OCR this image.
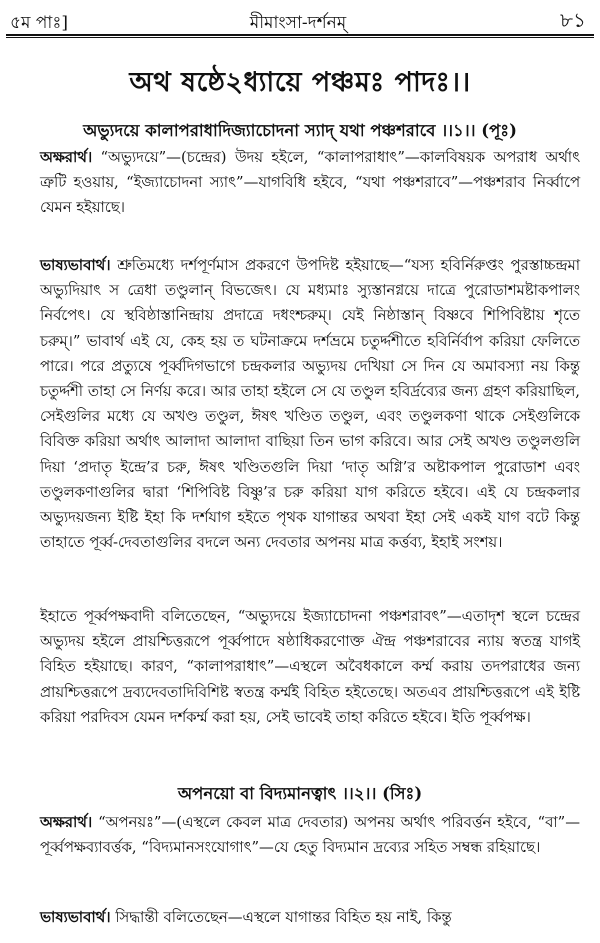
৫ম পাঃ]	মীমাংসা-দর্শনম্	৮১
অথ ষষ্ঠে২ধ্যায়ে পঞ্চমঃ পাদঃ।।
অভ্যুদয়ে কালাপরাধাদিজ্যাচোদনা স্যাদ্ যথা পঞ্চশরাবে ।।১।। (পূঃ)
অক্ষরার্থ। “অভ্যুদয়ে”—(চন্দ্রের) উদয় হইলে, “কালাপরাধাৎ”—কালবিষয়ক অপরাধ অর্থাৎ ত্রুটি হওয়ায়, “ইজ্যাচোদনা স্যাৎ”—যাগবিধি হইবে, “যথা পঞ্চশরাবে”—পঞ্চশরাব নির্ব্বাপে যেমন হইয়াছে।
ভাষ্যভাবার্থ। শ্রুতিমধ্যে দর্শপূর্ণমাস প্রকরণে উপদিষ্ট হইয়াছে—“যস্য হবির্নিরুপ্তং পুরস্তাচ্চন্দ্রমা অভ্যুদিয়াৎ স ত্রেধা তণ্ডুলান্ বিভজেৎ। যে মধ্যমাঃ স্যুস্তানগ্নয়ে দাত্রে পুরোডাশমষ্টাকপালং নির্বপেৎ। যে স্থবিষ্ঠাস্তানিন্দ্রায় প্রদাত্রে দধংশ্চরুম্। যেই নিষ্ঠাস্তান্ বিষ্ণবে শিপিবিষ্টায় শৃতে চরুম্।” ভাবার্থ এই যে, কেহ হয় ত ঘটনাক্রমে দর্শভ্রমে চতুর্দ্দশীতে হবির্নির্বাপ করিয়া ফেলিতে পারে। পরে প্রত্যুষে পূর্ব্বদিগভাগে চন্দ্রকলার অভ্যুদয় দেখিয়া সে দিন যে অমাবস্যা নয় কিন্তু চতুর্দ্দশী তাহা সে নির্ণয় করে। আর তাহা হইলে সে যে তণ্ডুল হবির্দ্রব্যের জন্য গ্রহণ করিয়াছিল, সেইগুলির মধ্যে যে অখণ্ড তণ্ডুল, ঈষৎ খণ্ডিত তণ্ডুল, এবং তণ্ডুলকণা থাকে সেইগুলিকে বিবিক্ত করিয়া অর্থাৎ আলাদা আলাদা বাছিয়া তিন ভাগ করিবে। আর সেই অখণ্ড তণ্ডুলগুলি দিয়া ‘প্রদাতৃ ইন্দ্রে’র চরু, ঈষৎ খণ্ডিতগুলি দিয়া ‘দাতৃ অগ্নি’র অষ্টাকপাল পুরোডাশ এবং তণ্ডুলকণাগুলির দ্বারা ‘শিপিবিষ্ট বিষ্ণু’র চরু করিয়া যাগ করিতে হইবে। এই যে চন্দ্রকলার অভ্যুদয়জন্য ইষ্টি ইহা কি দর্শযাগ হইতে পৃথক যাগান্তর অথবা ইহা সেই একই যাগ বটে কিন্তু তাহাতে পূর্ব্ব-দেবতাগুলির বদলে অন্য দেবতার অপনয় মাত্র কর্ত্তব্য, ইহাই সংশয়।
ইহাতে পূর্ব্বপক্ষবাদী বলিতেছেন, “অভ্যুদয়ে ইজ্যাচোদনা পঞ্চশরাবৎ”—এতাদৃশ স্থলে চন্দ্রের অভ্যুদয় হইলে প্রায়শ্চিত্তরূপে পূর্ব্বপাদে ষষ্ঠাধিকরণোক্ত ঐন্দ্র পঞ্চশরাবের ন্যায় স্বতন্ত্র যাগই বিহিত হইয়াছে। কারণ, “কালাপরাধাৎ”—এস্থলে অবৈধকালে কর্ম্ম করায় তদপরাধের জন্য প্রায়শ্চিত্তরূপে দ্রব্যদেবতাদিবিশিষ্ট স্বতন্ত্র কর্ম্মই বিহিত হইতেছে। অতএব প্রায়শ্চিত্তরূপে এই ইষ্টি করিয়া পরদিবস যেমন দর্শকর্ম্ম করা হয়, সেই ভাবেই তাহা করিতে হইবে। ইতি পূর্ব্বপক্ষ।
অপনয়ো বা বিদ্যমানত্বাৎ ।।২।। (সিঃ)
অক্ষরার্থ। “অপনয়ঃ”—(এস্থলে কেবল মাত্র দেবতার) অপনয় অর্থাৎ পরিবর্ত্তন হইবে, “বা”—পূর্ব্বপক্ষব্যাবর্ত্তক, “বিদ্যমানসংযোগাৎ”—যে হেতু বিদ্যমান দ্রব্যের সহিত সম্বন্ধ রহিয়াছে।
ভাষ্যভাবার্থ। সিদ্ধান্তী বলিতেছেন—এস্থলে যাগান্তর বিহিত হয় নাই, কিন্তু
